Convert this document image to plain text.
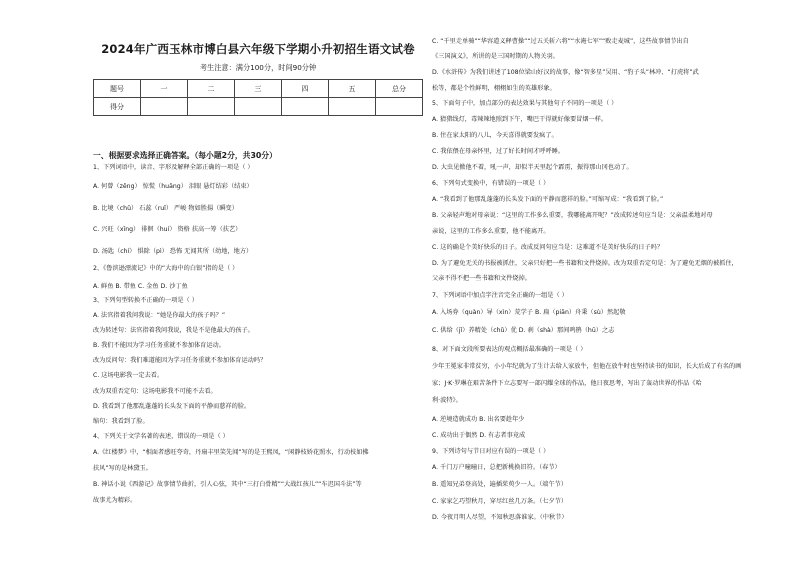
2024年广西玉林市博白县六年级下学期小升初招生语文试卷
考生注意：满分100分，时间90分钟
题号	一	二	三	四	五	总分
得分						
一、根据要求选择正确答案。（每小题2分，共30分）
1、下列词语中，读音、字形及解释全部正确的一项是（ ）
A. 何曾（zēng） 惊慌（huāng） 泪眼 悬灯结彩（结束）
B. 比境（chǔ） 石蕊（ruǐ） 严峻 物如胜揚（瞬变）
C. 兴旺（xīng） 徘徊（huí） 资格 扶高一筹（扶艺）
D. 汤匙（chí） 惧除（pì） 恐怖 无闻其所（幼地，地方）
2、《鲁滨逊漂流记》中的“大海中的白银”指的是（ ）
A. 鲜鱼 B. 带鱼 C. 金鱼 D. 沙丁鱼
3、下列句型转换不正确的一项是（ ）
A. 法官指着我问我说：“她是你最大的孩子吗？”
改为转述句：法官指着我问我说，我是不是他最大的孩子。
B. 我们不能因为学习任务重就不参加体育运动。
改为反问句：我们难道能因为学习任务重就不参加体育运动吗？
C. 这场电影我一定去看。
改为双重否定句：这场电影我不可能不去看。
D. 我看到了他那乱蓬蓬的长头发下面的平静而慈祥的脸。
缩句：我看到了脸。
4、下列关于文学名著的表述，错误的一项是（ ）
A.《红楼梦》中，“相面者感旺夸奇，丹扇丰里笑先闻”写的是王熙凤，“闲静枝娇花照水，行动枝如拂
扶风”写的是林黛玉。
B. 神话小说《西游记》故事情节曲折，引人心弦，其中“三打白骨精”“大战红孩儿”“车迟国斗法”等
故事尤为精彩。
C. “千里走单骑”“华容道义释曹操”“过五关斩六将”“水淹七军”“败走麦城”，这些故事情节出自
《三国演义》，所讲的是三国时期的人物关羽。
D.《水浒传》为我们讲述了108位梁山好汉的故事，像“智多星”吴用、“豹子头”林冲、“打虎将”武
松等，都是个性鲜明，栩栩如生的英雄形象。
5、下面句子中，加点部分的表达效果与其他句子不同的一项是（ ）
A. 猜猎线灯，毒辣辣地照到下午，嘴巴干得就好像要冒烟一样。
B. 住在家太阳的八儿，今天喜得就要发疯了。
C. 我依偎在母亲怀里，过了好长时间才呼呼睡。
D. 大虫见掀他不着，吼一声，却似半天里起个霹雳，振得那山冈也动了。
6、下列句式变换中，有错误的一项是（ ）
A. “我看到了他那乱蓬蓬的长头发下面的平静而慈祥的脸。”可缩写成：“我看到了脸。”
B. 父亲轻声地对母亲说：“这里的工作多么重要，我哪能离开呢？”改成转述句应当是：父亲温柔地对母
亲说，这里的工作多么重要，他不能离开。
C. 这的确是个美好快乐的日子。改成反问句应当是：这难道不是美好快乐的日子吗？
D. 为了避免无关的书报被抓住，父亲只好把一些书籍和文件烧掉。改为双重否定句是：为了避免无烟的被抓住，
父亲不得不把一些书籍和文件烧掉。
7、下列词语中加点字注音完全正确的一组是（ ）
A. 入场券（quàn）导（xìn）荒学子 B. 扁（piān）舟秉（sù）然起敬
C. 供给（jǐ）养精处（chǔ）优 D. 刹（shà）那间鸣鹃（hū）之志
8、对下面文段所要表达的观点概括最准确的一项是（ ）
少年王冕家非常贫穷，小小年纪就为了生计去给人家放牛，但他在放牛时也坚持读书的知识，长大后成了有名的画
家；J·K·罗琳在艰苦条件下立志要写一部闪耀全球的作品，他日夜思考，写出了轰动世界的作品《哈
利·波特》。
A. 逆境造就成功 B. 出名要趁年少
C. 成功出于偶然 D. 有志者事竟成
9、下列诗句与节日对应有误的一项是（ ）
A. 千门万户曈曈日，总把新桃换旧符。（春节）
B. 遥知兄弟登高处，遍插茱萸少一人。（端午节）
C. 家家乞巧望秋月，穿尽红丝几万条。（七夕节）
D. 今夜月明人尽望，不知秋思落谁家。（中秋节）
